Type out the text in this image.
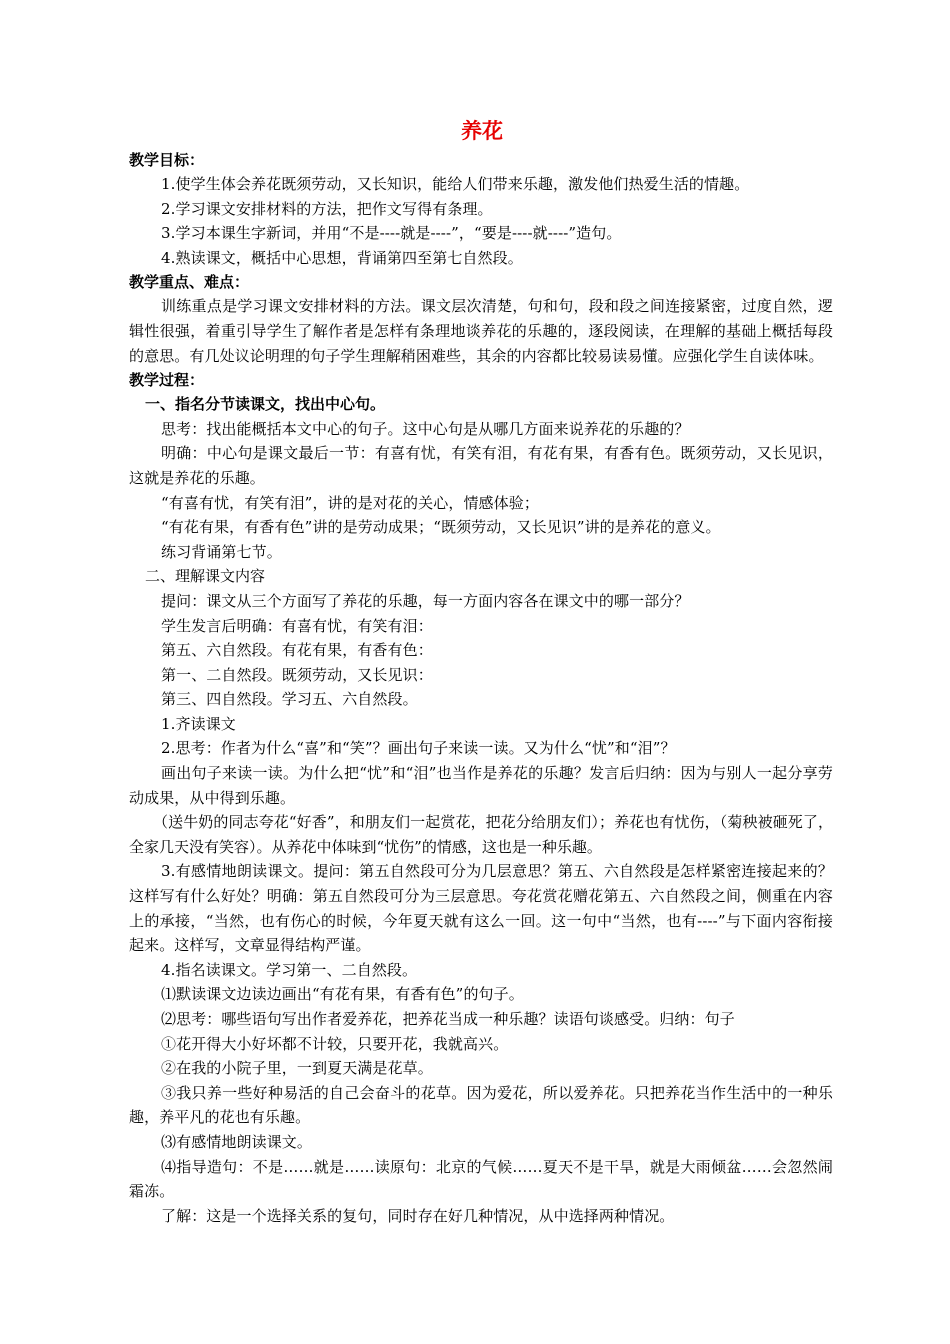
养花
教学目标：
1.使学生体会养花既须劳动，又长知识，能给人们带来乐趣，激发他们热爱生活的情趣。
2.学习课文安排材料的方法，把作文写得有条理。
3.学习本课生字新词，并用“不是----就是----”，“要是----就----”造句。
4.熟读课文，概括中心思想，背诵第四至第七自然段。
教学重点、难点：
训练重点是学习课文安排材料的方法。课文层次清楚，句和句，段和段之间连接紧密，过度自然，逻辑性很强，着重引导学生了解作者是怎样有条理地谈养花的乐趣的，逐段阅读，在理解的基础上概括每段的意思。有几处议论明理的句子学生理解稍困难些，其余的内容都比较易读易懂。应强化学生自读体味。
教学过程：
一、指名分节读课文，找出中心句。
思考：找出能概括本文中心的句子。这中心句是从哪几方面来说养花的乐趣的？
明确：中心句是课文最后一节：有喜有忧，有笑有泪，有花有果，有香有色。既须劳动，又长见识，这就是养花的乐趣。
“有喜有忧，有笑有泪”，讲的是对花的关心，情感体验；
“有花有果，有香有色”讲的是劳动成果；“既须劳动，又长见识”讲的是养花的意义。
练习背诵第七节。
二、理解课文内容
提问：课文从三个方面写了养花的乐趣，每一方面内容各在课文中的哪一部分？
学生发言后明确：有喜有忧，有笑有泪：
第五、六自然段。有花有果，有香有色：
第一、二自然段。既须劳动，又长见识：
第三、四自然段。学习五、六自然段。
1.齐读课文
2.思考：作者为什么“喜”和“笑”？画出句子来读一读。又为什么“忧”和“泪”？
画出句子来读一读。为什么把“忧”和“泪”也当作是养花的乐趣？发言后归纳：因为与别人一起分享劳动成果，从中得到乐趣。
（送牛奶的同志夸花“好香”，和朋友们一起赏花，把花分给朋友们）；养花也有忧伤，（菊秧被砸死了，全家几天没有笑容）。从养花中体味到“忧伤”的情感，这也是一种乐趣。
3.有感情地朗读课文。提问：第五自然段可分为几层意思？第五、六自然段是怎样紧密连接起来的？这样写有什么好处？明确：第五自然段可分为三层意思。夸花赏花赠花第五、六自然段之间，侧重在内容上的承接，“当然，也有伤心的时候，今年夏天就有这么一回。这一句中“当然，也有----”与下面内容衔接起来。这样写，文章显得结构严谨。
4.指名读课文。学习第一、二自然段。
⑴默读课文边读边画出“有花有果，有香有色”的句子。
⑵思考：哪些语句写出作者爱养花，把养花当成一种乐趣？读语句谈感受。归纳：句子
①花开得大小好坏都不计较，只要开花，我就高兴。
②在我的小院子里，一到夏天满是花草。
③我只养一些好种易活的自己会奋斗的花草。因为爱花，所以爱养花。只把养花当作生活中的一种乐趣，养平凡的花也有乐趣。
⑶有感情地朗读课文。
⑷指导造句：不是……就是……读原句：北京的气候……夏天不是干旱，就是大雨倾盆……会忽然闹霜冻。
了解：这是一个选择关系的复句，同时存在好几种情况，从中选择两种情况。
